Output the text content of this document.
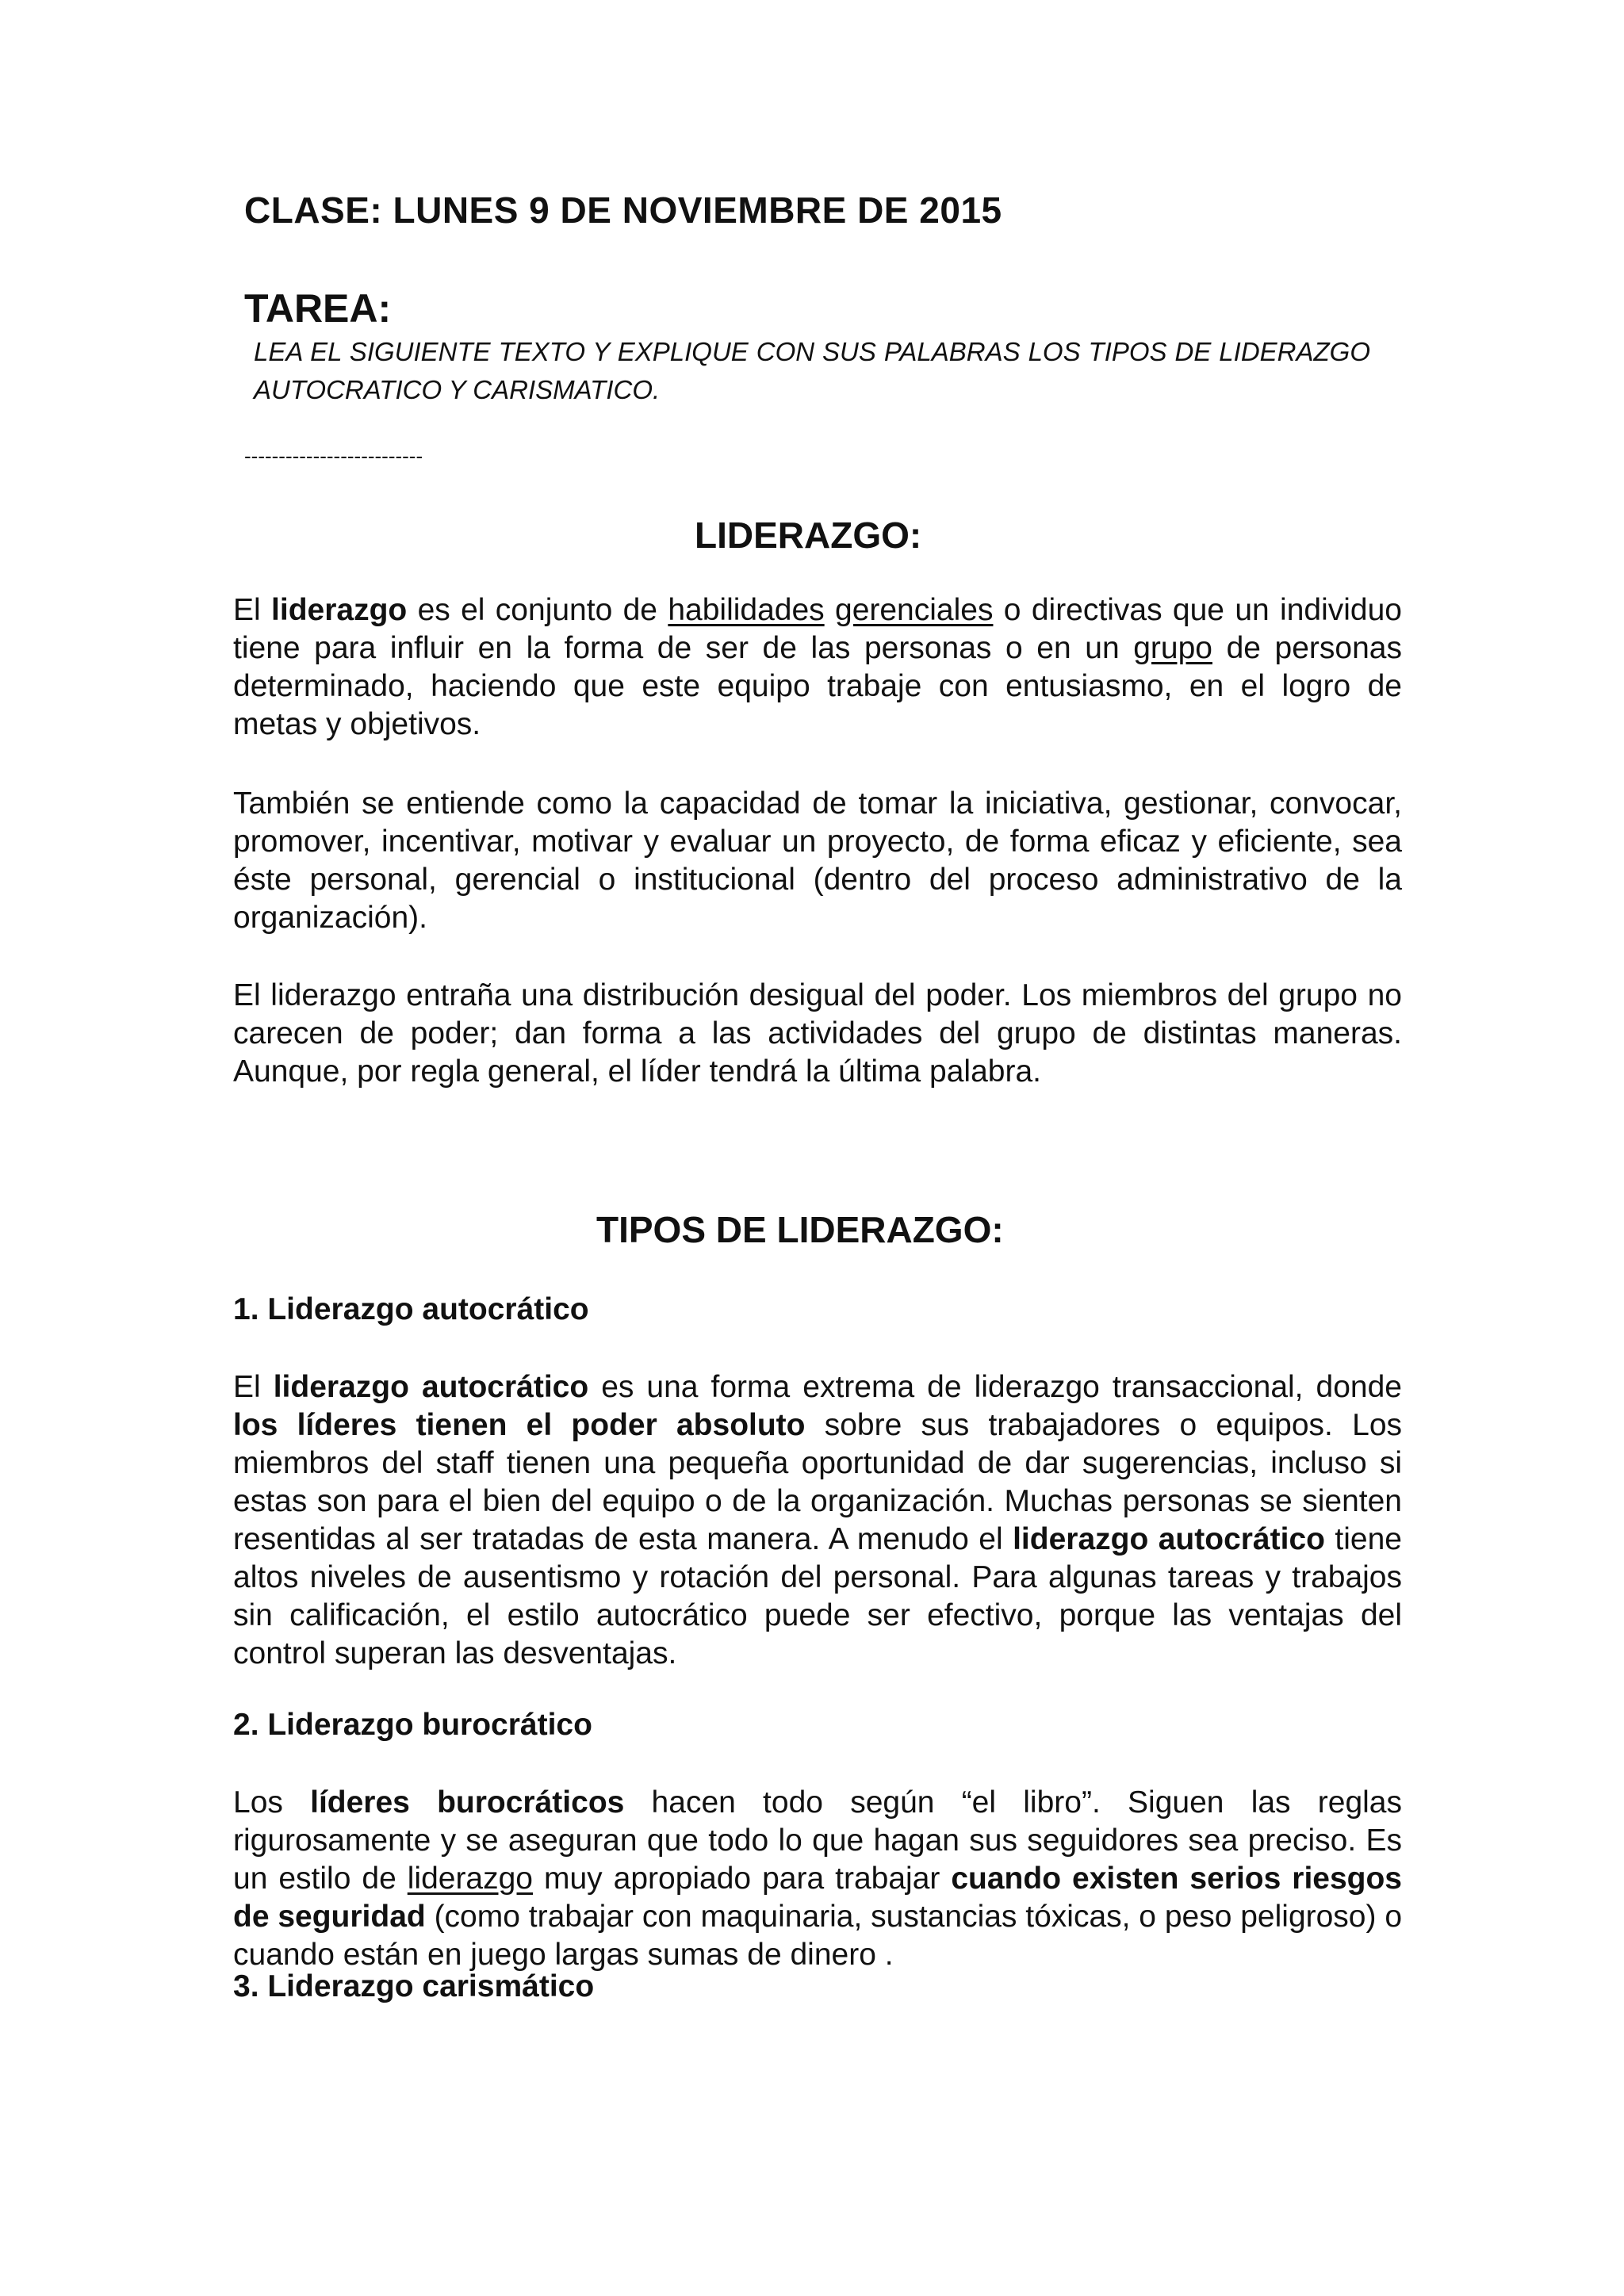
CLASE: LUNES 9 DE NOVIEMBRE DE 2015
TAREA:

LEA EL SIGUIENTE TEXTO Y EXPLIQUE CON SUS PALABRAS LOS TIPOS DE LIDERAZGO AUTOCRATICO Y CARISMATICO.

--------------------------

LIDERAZGO:

El liderazgo es el conjunto de habilidades gerenciales o directivas que un individuo tiene para influir en la forma de ser de las personas o en un grupo de personas determinado, haciendo que este equipo trabaje con entusiasmo, en el logro de metas y objetivos.

También se entiende como la capacidad de tomar la iniciativa, gestionar, convocar, promover, incentivar, motivar y evaluar un proyecto, de forma eficaz y eficiente, sea éste personal, gerencial o institucional (dentro del proceso administrativo de la organización).

El liderazgo entraña una distribución desigual del poder. Los miembros del grupo no carecen de poder; dan forma a las actividades del grupo de distintas maneras. Aunque, por regla general, el líder tendrá la última palabra.

TIPOS DE LIDERAZGO:
1. Liderazgo autocrático

El liderazgo autocrático es una forma extrema de liderazgo transaccional, donde los líderes tienen el poder absoluto sobre sus trabajadores o equipos. Los miembros del staff tienen una pequeña oportunidad de dar sugerencias, incluso si estas son para el bien del equipo o de la organización. Muchas personas se sienten resentidas al ser tratadas de esta manera. A menudo el liderazgo autocrático tiene altos niveles de ausentismo y rotación del personal. Para algunas tareas y trabajos sin calificación, el estilo autocrático puede ser efectivo, porque las ventajas del control superan las desventajas.

2. Liderazgo burocrático

Los líderes burocráticos hacen todo según “el libro”. Siguen las reglas rigurosamente y se aseguran que todo lo que hagan sus seguidores sea preciso. Es un estilo de liderazgo muy apropiado para trabajar cuando existen serios riesgos de seguridad (como trabajar con maquinaria, sustancias tóxicas, o peso peligroso) o cuando están en juego largas sumas de dinero .

3. Liderazgo carismático
